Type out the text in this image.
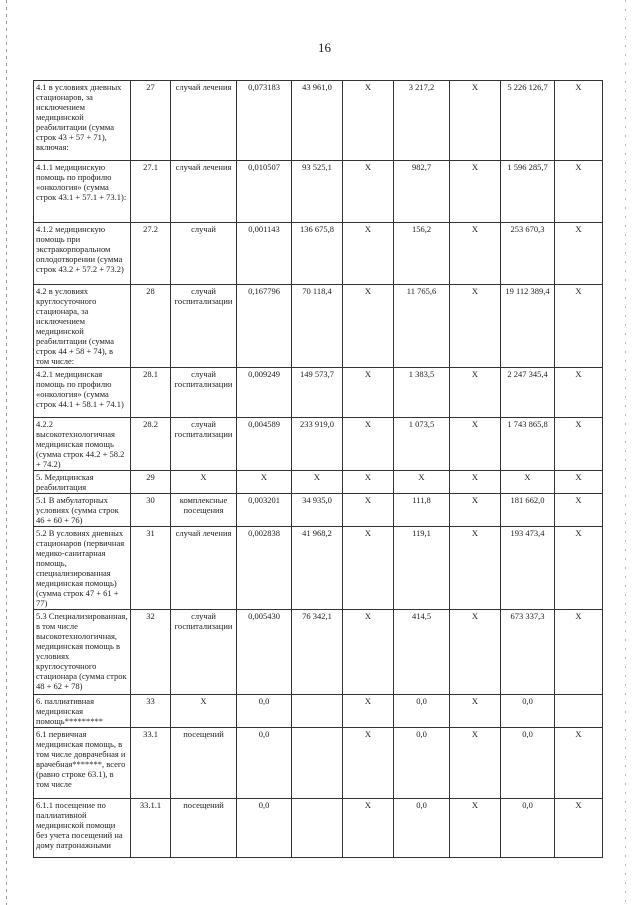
16
4.1 в условиях дневных стационаров, за исключением медицинской реабилитации (сумма строк 43 + 57 + 71), включая:	27	случай лечения	0,073183	43 961,0	Х	3 217,2	Х	5 226 126,7	Х
4.1.1 медицинскую помощь по профилю «онкология» (сумма строк 43.1 + 57.1 + 73.1):	27.1	случай лечения	0,010507	93 525,1	Х	982,7	Х	1 596 285,7	Х
4.1.2 медицинскую помощь при экстракорпоральном оплодотворении (сумма строк 43.2 + 57.2 + 73.2)	27.2	случай	0,001143	136 675,8	Х	156,2	Х	253 670,3	Х
4.2 в условиях круглосуточного стационара, за исключением медицинской реабилитации (сумма строк 44 + 58 + 74), в том числе:	28	случай госпитализации	0,167796	70 118,4	Х	11 765,6	Х	19 112 389,4	Х
4.2.1 медицинская помощь по профилю «онкология» (сумма строк 44.1 + 58.1 + 74.1)	28.1	случай госпитализации	0,009249	149 573,7	Х	1 383,5	Х	2 247 345,4	Х
4.2.2 высокотехнологичная медицинская помощь (сумма строк 44.2 + 58.2 + 74.2)	28.2	случай госпитализации	0,004589	233 919,0	Х	1 073,5	Х	1 743 865,8	Х
5. Медицинская реабилитация	29	Х	Х	Х	Х	Х	Х	Х	Х
5.1 В амбулаторных условиях (сумма строк 46 + 60 + 76)	30	комплексные посещения	0,003201	34 935,0	Х	111,8	Х	181 662,0	Х
5.2 В условиях дневных стационаров (первичная медико-санитарная помощь, специализированная медицинская помощь) (сумма строк 47 + 61 + 77)	31	случай лечения	0,002838	41 968,2	Х	119,1	Х	193 473,4	Х
5.3 Специализированная, в том числе высокотехнологичная, медицинская помощь в условиях круглосуточного стационара (сумма строк 48 + 62 + 78)	32	случай госпитализации	0,005430	76 342,1	Х	414,5	Х	673 337,3	Х
6. паллиативная медицинская помощь*********	33	Х	0,0		Х	0,0	Х	0,0	
6.1 первичная медицинская помощь, в том числе доврачебная и врачебная*******, всего (равно строке 63.1), в том числе	33.1	посещений	0,0		Х	0,0	Х	0,0	Х
6.1.1 посещение по паллиативной медицинской помощи без учета посещений на дому патронажными	33.1.1	посещений	0,0		Х	0,0	Х	0,0	Х
